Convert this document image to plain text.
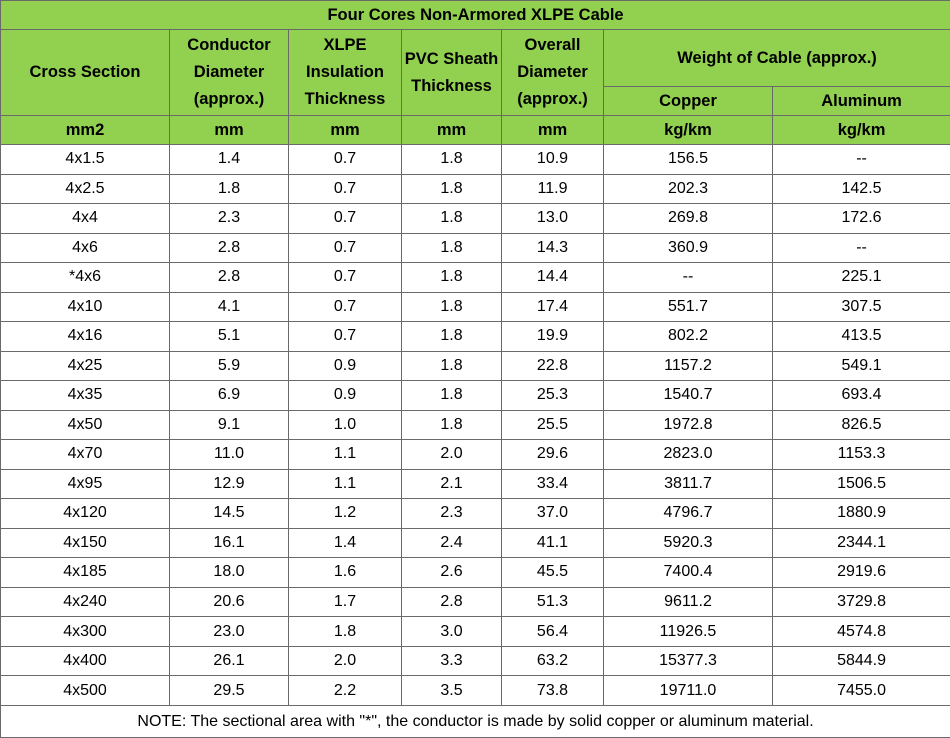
Four Cores Non-Armored XLPE Cable						
Cross Section	Conductor Diameter (approx.)	XLPE Insulation Thickness	PVC Sheath Thickness	Overall Diameter (approx.)	Weight of Cable (approx.)	
					Copper	Aluminum
mm2	mm	mm	mm	mm	kg/km	kg/km
4x1.5	1.4	0.7	1.8	10.9	156.5	--
4x2.5	1.8	0.7	1.8	11.9	202.3	142.5
4x4	2.3	0.7	1.8	13.0	269.8	172.6
4x6	2.8	0.7	1.8	14.3	360.9	--
*4x6	2.8	0.7	1.8	14.4	--	225.1
4x10	4.1	0.7	1.8	17.4	551.7	307.5
4x16	5.1	0.7	1.8	19.9	802.2	413.5
4x25	5.9	0.9	1.8	22.8	1157.2	549.1
4x35	6.9	0.9	1.8	25.3	1540.7	693.4
4x50	9.1	1.0	1.8	25.5	1972.8	826.5
4x70	11.0	1.1	2.0	29.6	2823.0	1153.3
4x95	12.9	1.1	2.1	33.4	3811.7	1506.5
4x120	14.5	1.2	2.3	37.0	4796.7	1880.9
4x150	16.1	1.4	2.4	41.1	5920.3	2344.1
4x185	18.0	1.6	2.6	45.5	7400.4	2919.6
4x240	20.6	1.7	2.8	51.3	9611.2	3729.8
4x300	23.0	1.8	3.0	56.4	11926.5	4574.8
4x400	26.1	2.0	3.3	63.2	15377.3	5844.9
4x500	29.5	2.2	3.5	73.8	19711.0	7455.0
NOTE: The sectional area with "*", the conductor is made by solid copper or aluminum material.						
